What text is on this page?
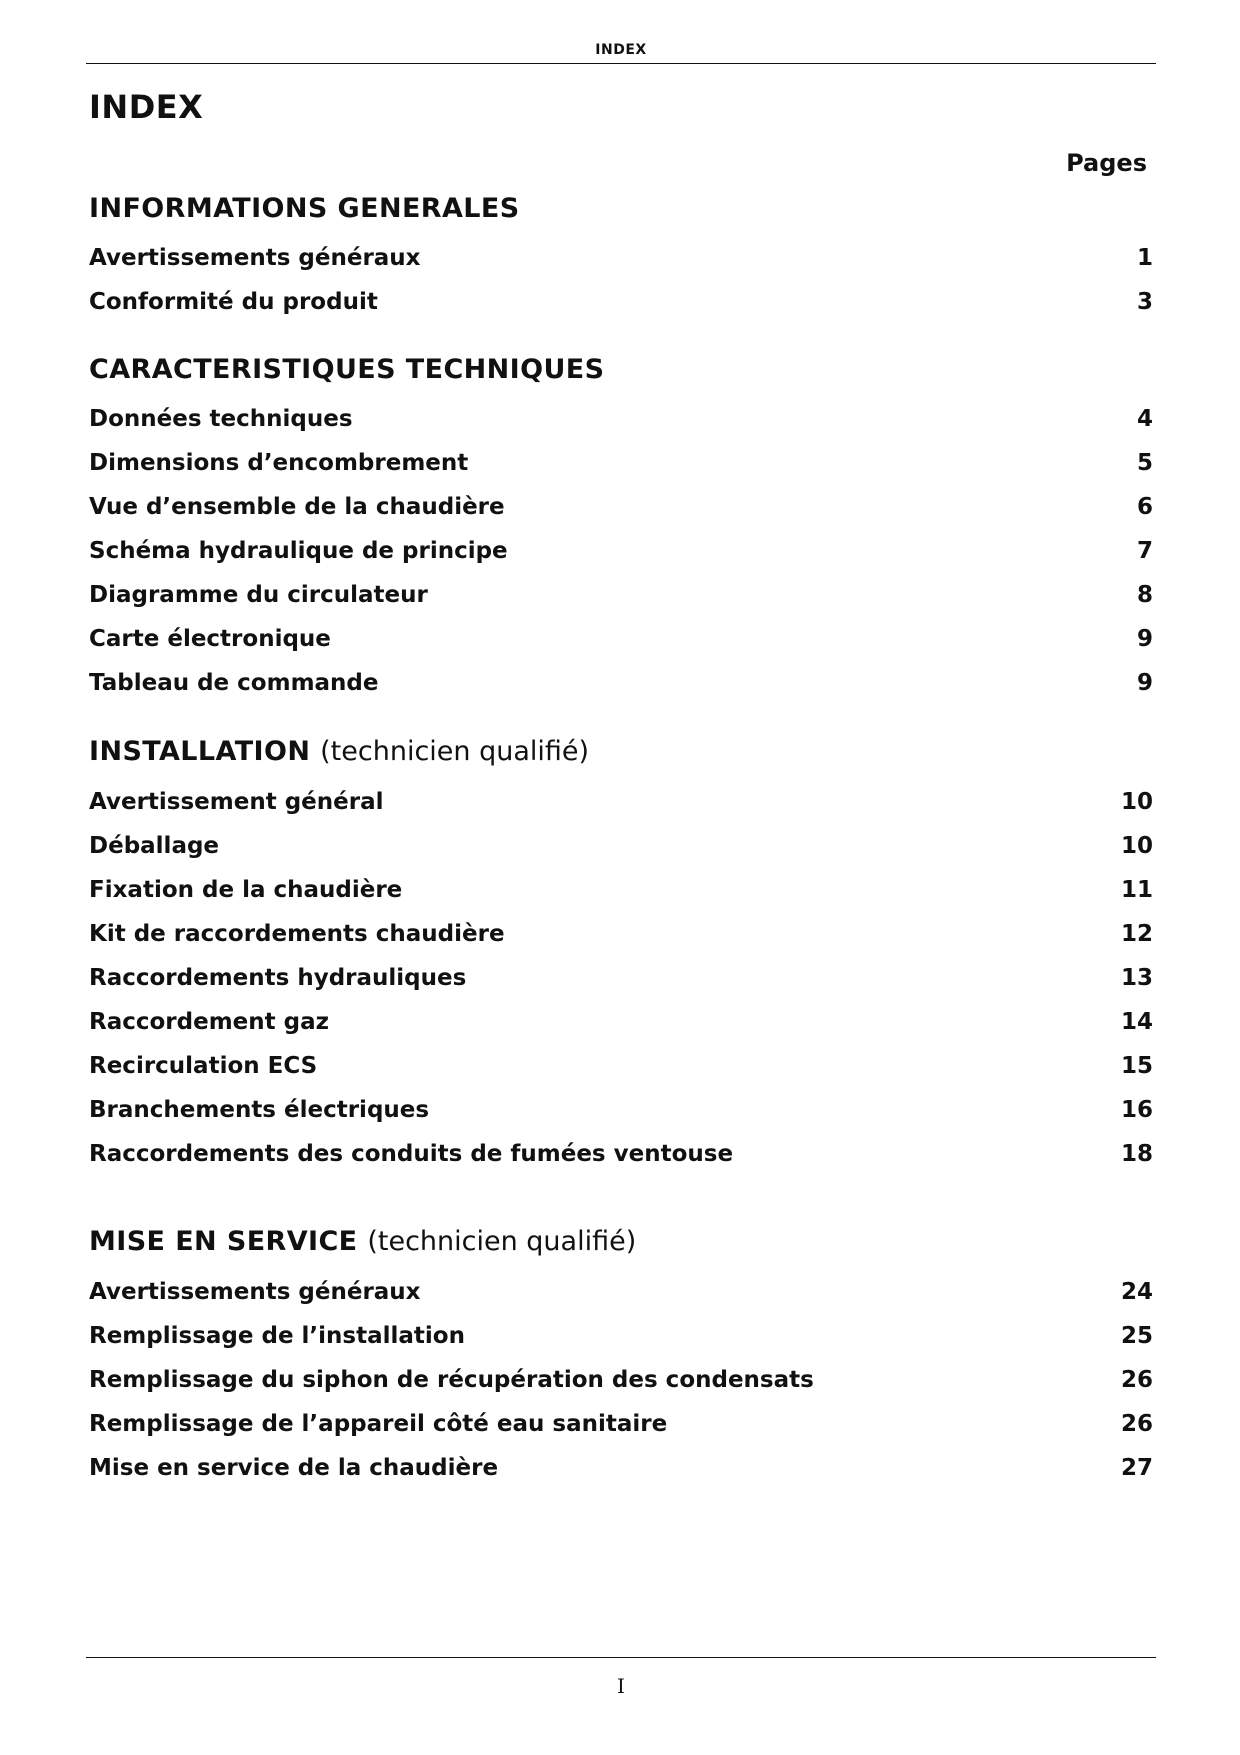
INDEX
INDEX
Pages
INFORMATIONS GENERALES
Avertissements généraux	1
Conformité du produit	3
CARACTERISTIQUES TECHNIQUES
Données techniques	4
Dimensions d’encombrement	5
Vue d’ensemble de la chaudière	6
Schéma hydraulique de principe	7
Diagramme du circulateur	8
Carte électronique	9
Tableau de commande	9
INSTALLATION (technicien qualifié)
Avertissement général	10
Déballage	10
Fixation de la chaudière	11
Kit de raccordements chaudière	12
Raccordements hydrauliques	13
Raccordement gaz	14
Recirculation ECS	15
Branchements électriques	16
Raccordements des conduits de fumées ventouse	18
MISE EN SERVICE (technicien qualifié)
Avertissements généraux	24
Remplissage de l’installation	25
Remplissage du siphon de récupération des condensats	26
Remplissage de l’appareil côté eau sanitaire	26
Mise en service de la chaudière	27
I
